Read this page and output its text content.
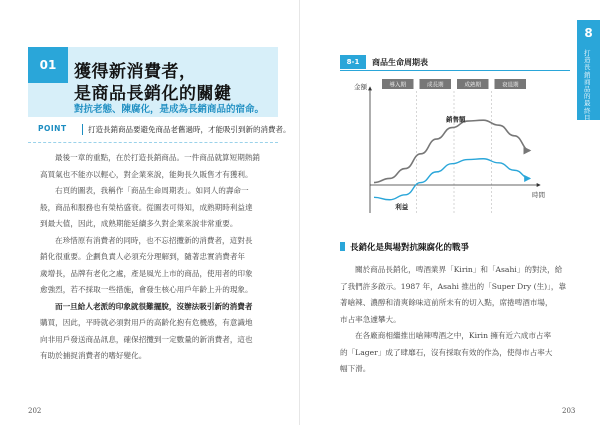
01	獲得新消費者，
是商品長銷化的關鍵
對抗老態、陳腐化，是成為長銷商品的宿命。
POINT	打造長銷商品要避免商品老舊過時，才能吸引到新的消費者。

最後一章的重點，在於打造長銷商品。一件商品就算短期熱銷

高買氣也不能亦以輕心，對企業來說，能夠長久販售才有獲利。

右頁的圖表，我稱作「商品生命周期表」。如同人的壽命一

般，商品和服務也有榮枯盛衰。從圖表可得知，成熟期時利益達

到最大值，因此，成熟期能延續多久對企業來說非常重要。

在珍惜原有消費者的同時，也不忘招攬新的消費者，這對長

銷化很重要。企劃負責人必須充分理解到，隨著忠實消費者年

歲增長，品牌有老化之處，產是風光上市的商品，使用者的印象

愈強烈，若不採取一些措施，會發生核心用戶年齡上升的現象。

而一旦給人老派的印象就很難擺脫，沒辦法吸引新的消費者

購買，因此，平時就必須對用戶的高齡化抱有危機感，有意識地

向非用戶發送商品訊息，確保招攬到一定數量的新消費者，這也

有助於捕捉消費者的嗜好變化。

202
8-1	商品生命周期表
導入期	成長期	成熟期	衰退期
金額
時間
銷售額
利益
長銷化是與場對抗陳腐化的戰爭

關於商品長銷化，啤酒業界「Kirin」和「Asahi」的對決，給

了我們許多啟示。1987 年，Asahi 推出的「Super Dry (生)」，靠

著嗆辣、濃醇和清爽餘味這前所未有的切入點，席捲啤酒市場，

市占率急遽攀大。

在各廠商相繼推出嗆辣啤酒之中，Kirin 擁有近六成市占率

的「Lager」成了肆靡石，沒有採取有效的作為，使得市占率大

幅下滑。

203
8
打造長銷商品的最終目標
